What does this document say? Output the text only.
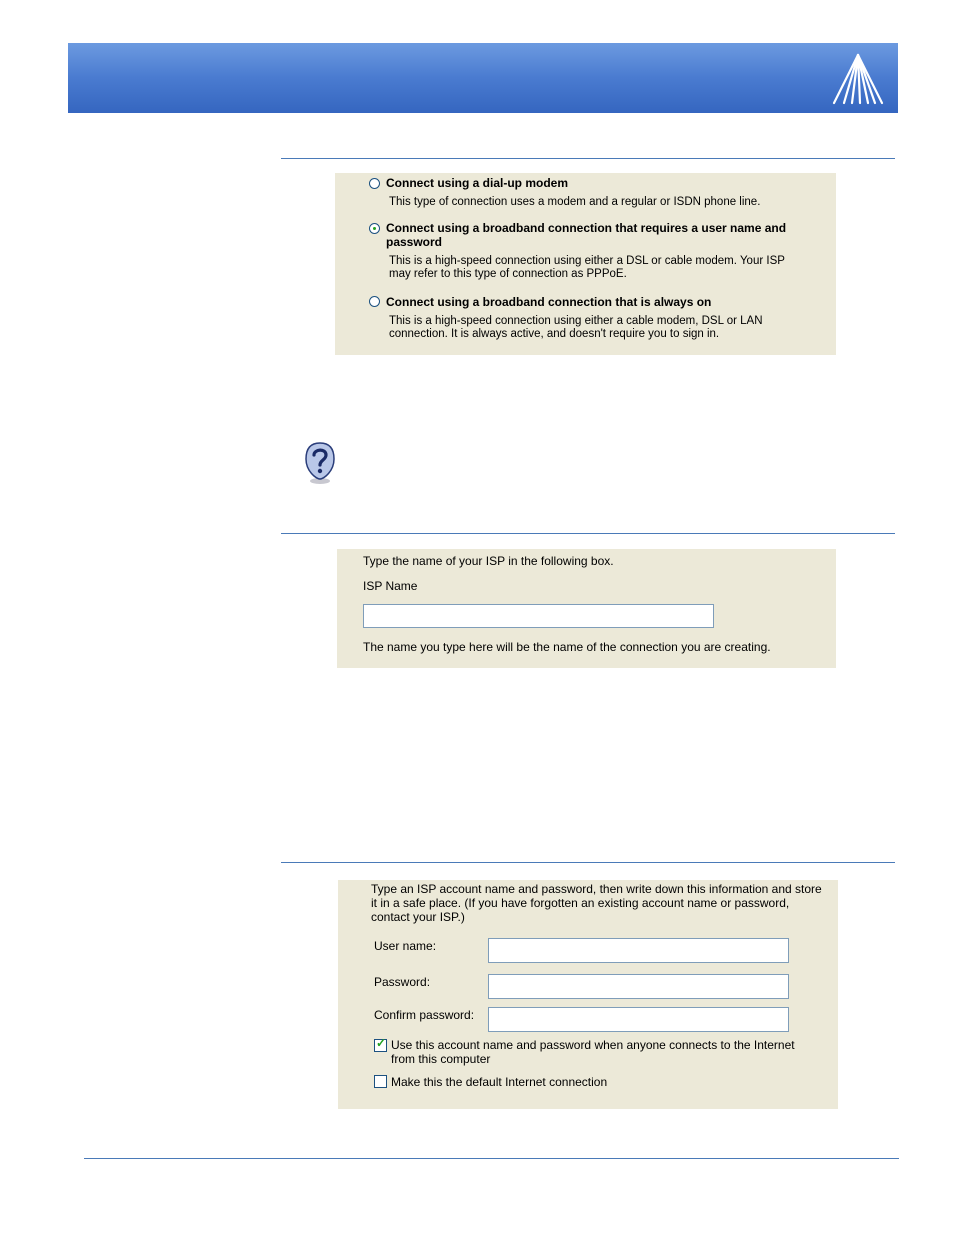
Connect using a dial-up modem
This type of connection uses a modem and a regular or ISDN phone line.
Connect using a broadband connection that requires a user name and password
This is a high-speed connection using either a DSL or cable modem. Your ISP may refer to this type of connection as PPPoE.
Connect using a broadband connection that is always on
This is a high-speed connection using either a cable modem, DSL or LAN connection. It is always active, and doesn't require you to sign in.
Type the name of your ISP in the following box.
ISP Name
The name you type here will be the name of the connection you are creating.
Type an ISP account name and password, then write down this information and store it in a safe place. (If you have forgotten an existing account name or password, contact your ISP.)
User name:
Password:
Confirm password:
✓
Use this account name and password when anyone connects to the Internet from this computer
Make this the default Internet connection
